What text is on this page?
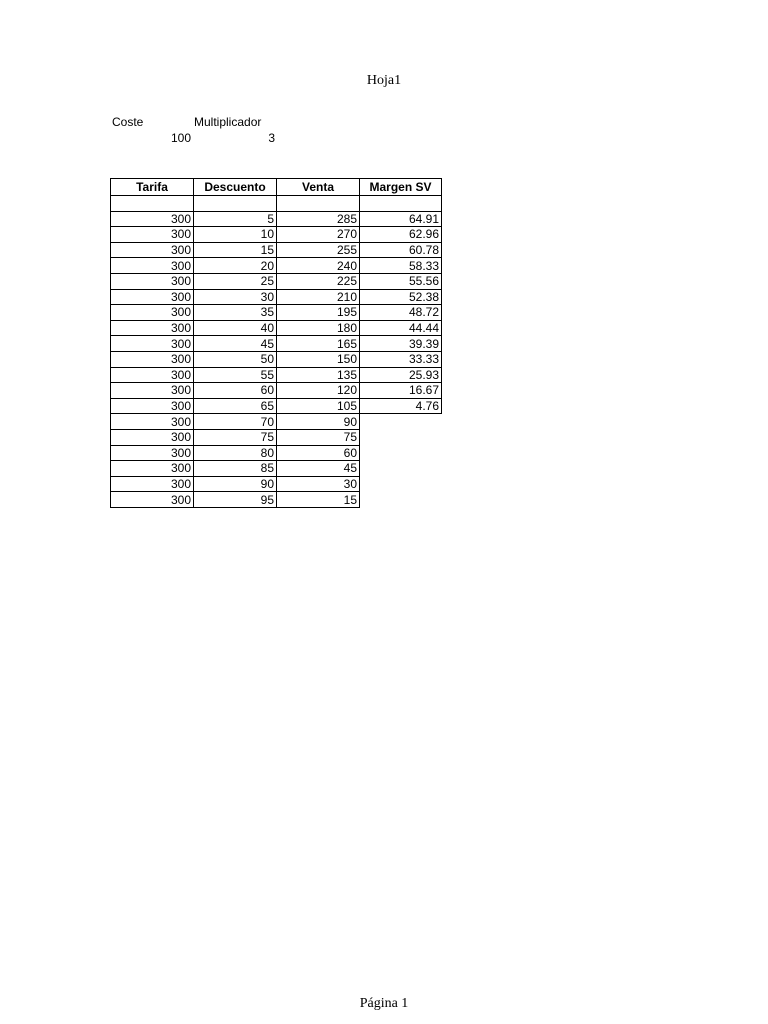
Hoja1
Coste	Multiplicador
100	3
Tarifa	Descuento	Venta	Margen SV

300	5	285	64.91
300	10	270	62.96
300	15	255	60.78
300	20	240	58.33
300	25	225	55.56
300	30	210	52.38
300	35	195	48.72
300	40	180	44.44
300	45	165	39.39
300	50	150	33.33
300	55	135	25.93
300	60	120	16.67
300	65	105	4.76
300	70	90	
300	75	75	
300	80	60	
300	85	45	
300	90	30	
300	95	15	
Página 1
